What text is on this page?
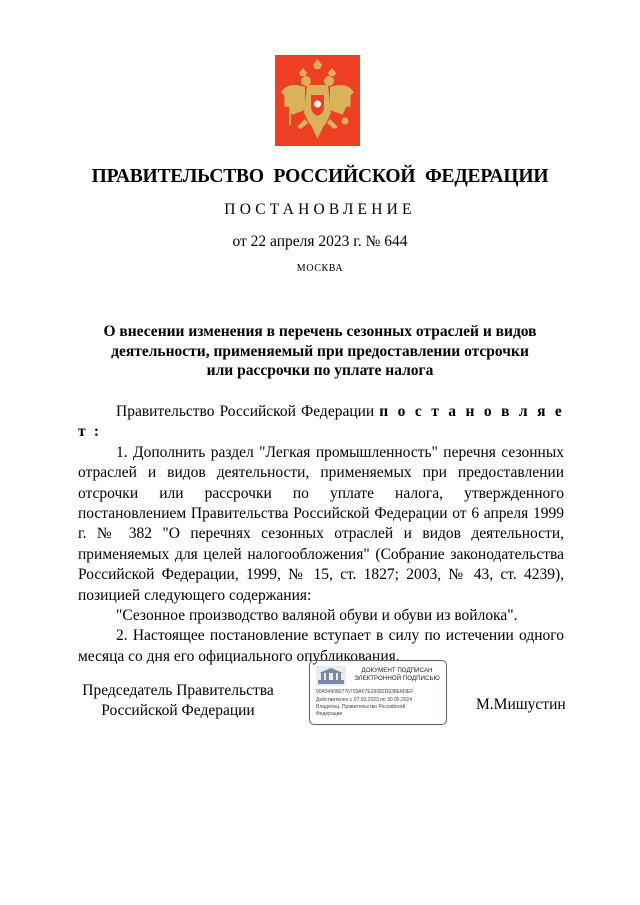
ПРАВИТЕЛЬСТВО РОССИЙСКОЙ ФЕДЕРАЦИИ
ПОСТАНОВЛЕНИЕ
от 22 апреля 2023 г. № 644
МОСКВА
О внесении изменения в перечень сезонных отраслей и видов
деятельности, применяемый при предоставлении отсрочки
или рассрочки по уплате налога

Правительство Российской Федерации п о с т а н о в л я е т :

1. Дополнить раздел "Легкая промышленность" перечня сезонных отраслей и видов деятельности, применяемых при предоставлении отсрочки или рассрочки по уплате налога, утвержденного постановлением Правительства Российской Федерации от 6 апреля 1999 г. № 382 "О перечнях сезонных отраслей и видов деятельности, применяемых для целей налогообложения" (Собрание законодательства Российской Федерации, 1999, № 15, ст. 1827; 2003, № 43, ст. 4239), позицией следующего содержания:

"Сезонное производство валяной обуви и обуви из войлока".

2. Настоящее постановление вступает в силу по истечении одного месяца со дня его официального опубликования.

Председатель Правительства
Российской Федерации
ДОКУМЕНТ ПОДПИСАН
ЭЛЕКТРОННОЙ ПОДПИСЬЮ
00A549080776703AF7E29082D938EM3EF
Действителен с 07.03.2023 по 30.05.2024
Владелец: Правительство Российской
Федерации
М.Мишустин
